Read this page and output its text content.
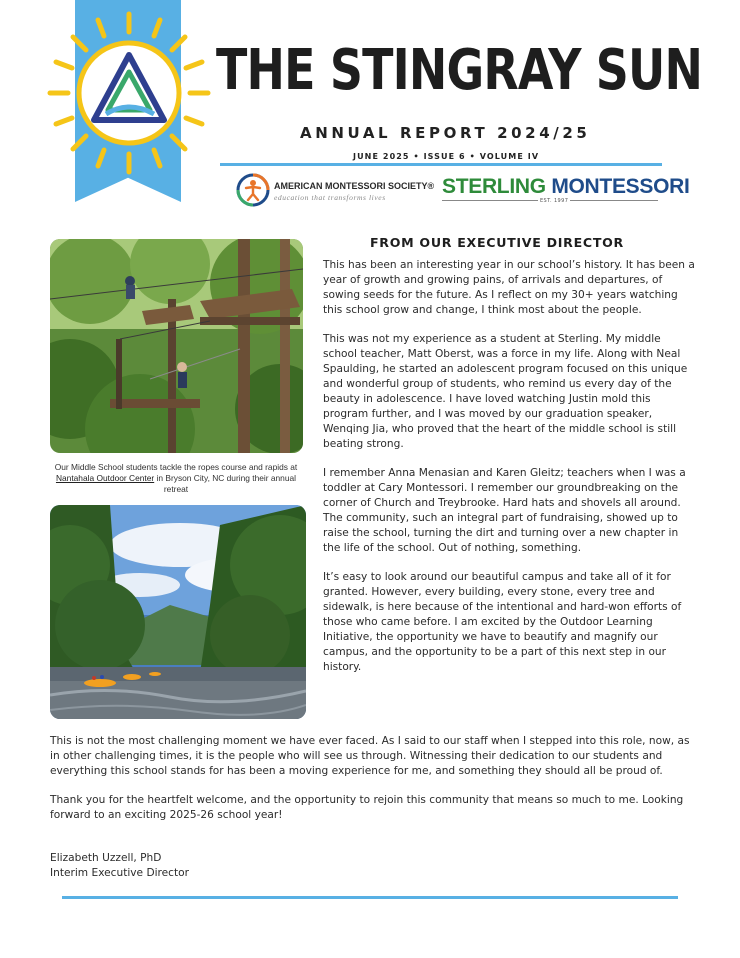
THE STINGRAY SUN
ANNUAL REPORT 2024/25
JUNE 2025 • ISSUE 6 • VOLUME IV
AMERICAN MONTESSORI SOCIETY®
education that transforms lives	STERLING MONTESSORI
EST. 1997
Our Middle School students tackle the ropes course and rapids at Nantahala Outdoor Center in Bryson City, NC during their annual retreat
FROM OUR EXECUTIVE DIRECTOR

This has been an interesting year in our school’s history. It has been a year of growth and growing pains, of arrivals and departures, of sowing seeds for the future. As I reflect on my 30+ years watching this school grow and change, I think most about the people.

This was not my experience as a student at Sterling. My middle school teacher, Matt Oberst, was a force in my life. Along with Neal Spaulding, he started an adolescent program focused on this unique and wonderful group of students, who remind us every day of the beauty in adolescence. I have loved watching Justin mold this program further, and I was moved by our graduation speaker, Wenqing Jia, who proved that the heart of the middle school is still beating strong.

I remember Anna Menasian and Karen Gleitz; teachers when I was a toddler at Cary Montessori. I remember our groundbreaking on the corner of Church and Treybrooke. Hard hats and shovels all around. The community, such an integral part of fundraising, showed up to raise the school, turning the dirt and turning over a new chapter in the life of the school. Out of nothing, something.

It’s easy to look around our beautiful campus and take all of it for granted. However, every building, every stone, every tree and sidewalk, is here because of the intentional and hard-won efforts of those who came before. I am excited by the Outdoor Learning Initiative, the opportunity we have to beautify and magnify our campus, and the opportunity to be a part of this next step in our history.

This is not the most challenging moment we have ever faced. As I said to our staff when I stepped into this role, now, as in other challenging times, it is the people who will see us through. Witnessing their dedication to our students and everything this school stands for has been a moving experience for me, and something they should all be proud of.

Thank you for the heartfelt welcome, and the opportunity to rejoin this community that means so much to me. Looking forward to an exciting 2025-26 school year!

Elizabeth Uzzell, PhD
Interim Executive Director
